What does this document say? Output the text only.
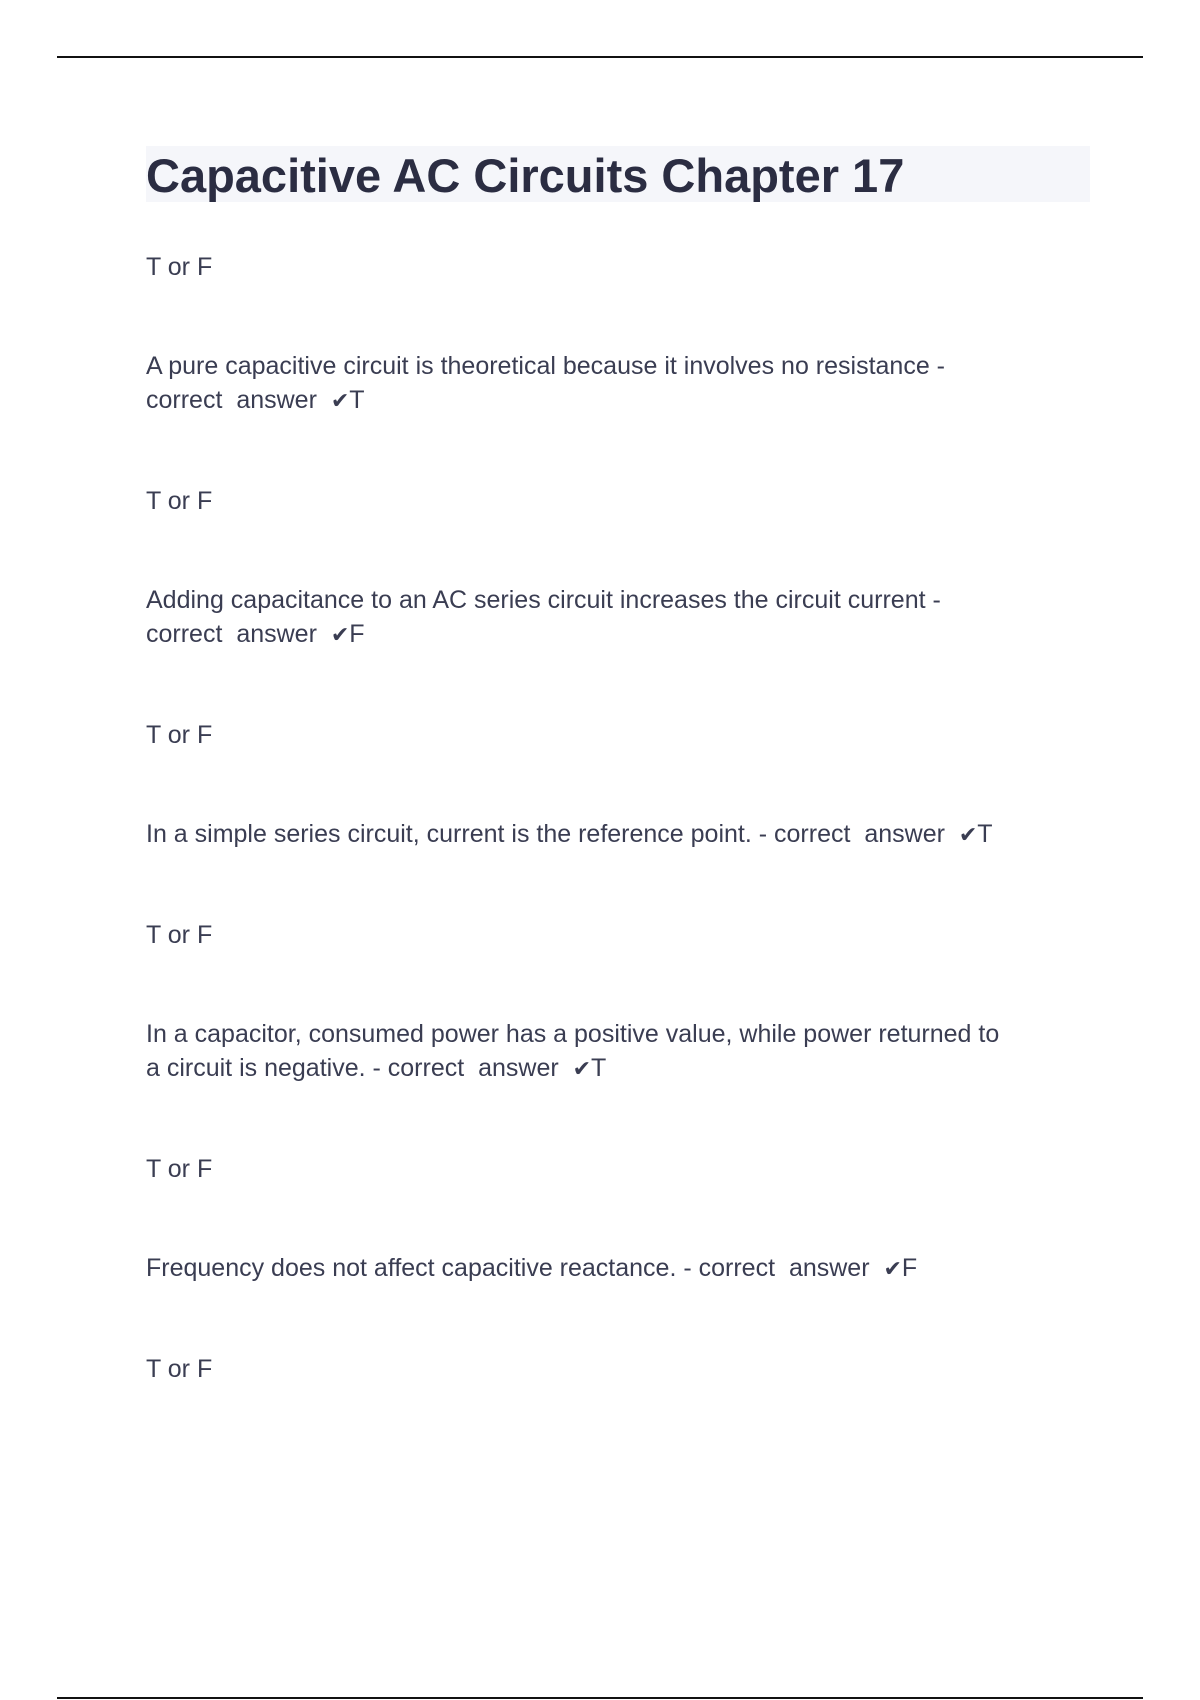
Capacitive AC Circuits Chapter 17

T or F

A pure capacitive circuit is theoretical because it involves no resistance -
correct answer ✔T

T or F

Adding capacitance to an AC series circuit increases the circuit current -
correct answer ✔F

T or F

In a simple series circuit, current is the reference point. - correct answer ✔T

T or F

In a capacitor, consumed power has a positive value, while power returned to
a circuit is negative. - correct answer ✔T

T or F

Frequency does not affect capacitive reactance. - correct answer ✔F

T or F
